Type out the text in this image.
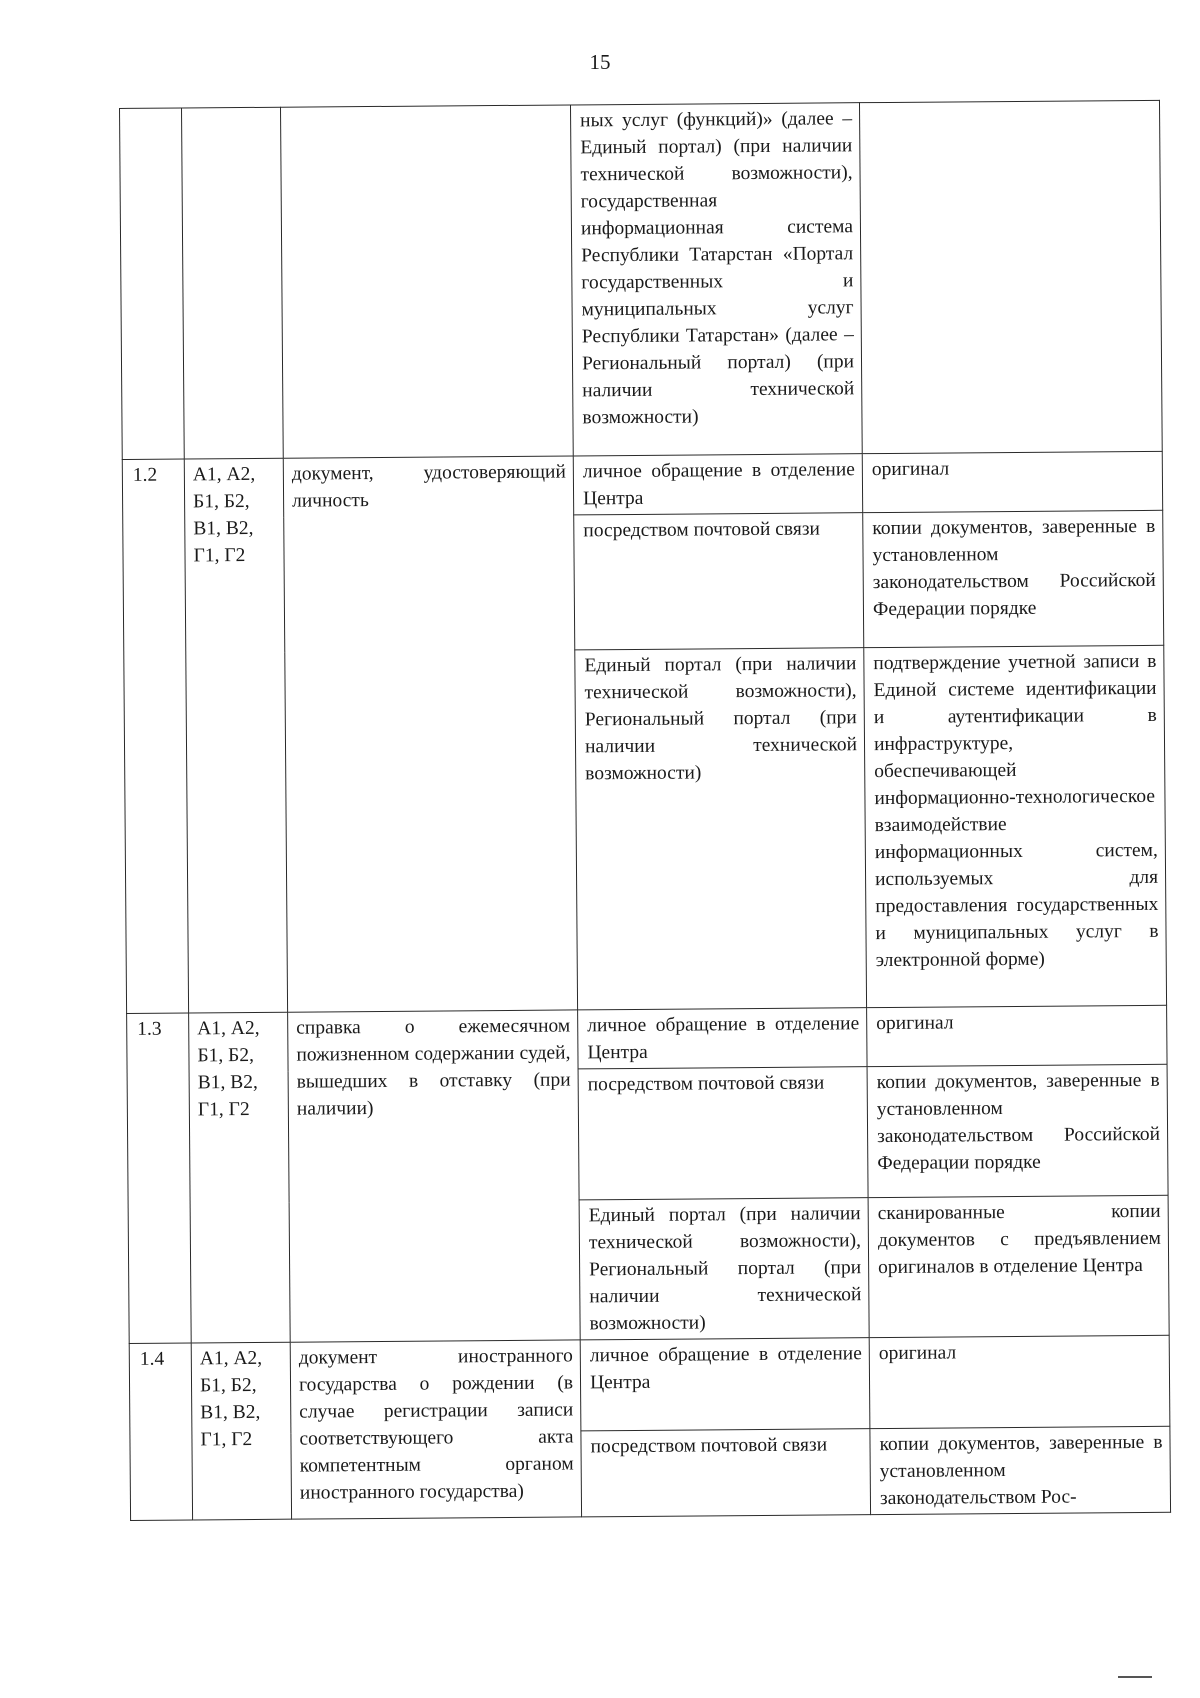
15
			ных услуг (функций)» (далее – Единый портал) (при наличии технической возможности), государственная информационная система Республики Татарстан «Портал государственных и муниципальных услуг Республики Татарстан» (далее – Региональный портал) (при наличии технической возможности)	
1.2	А1, А2, Б1, Б2, В1, В2, Г1, Г2	документ, удостоверяющий личность	личное обращение в отделение Центра	оригинал
			посредством почтовой связи	копии документов, заверенные в установленном законодательством Российской Федерации порядке
			Единый портал (при наличии технической возможности), Региональный портал (при наличии технической возможности)	подтверждение учетной записи в Единой системе идентификации и аутентификации в инфраструктуре, обеспечивающей информационно-технологическое взаимодействие информационных систем, используемых для предоставления государственных и муниципальных услуг в электронной форме)
1.3	А1, А2, Б1, Б2, В1, В2, Г1, Г2	справка о ежемесячном пожизненном содержании судей, вышедших в отставку (при наличии)	личное обращение в отделение Центра	оригинал
			посредством почтовой связи	копии документов, заверенные в установленном законодательством Российской Федерации порядке
			Единый портал (при наличии технической возможности), Региональный портал (при наличии технической возможности)	сканированные копии документов с предъявлением оригиналов в отделение Центра
1.4	А1, А2, Б1, Б2, В1, В2, Г1, Г2	документ иностранного государства о рождении (в случае регистрации записи соответствующего акта компетентным органом иностранного государства)	личное обращение в отделение Центра	оригинал
			посредством почтовой связи	копии документов, заверенные в установленном законодательством Рос-
